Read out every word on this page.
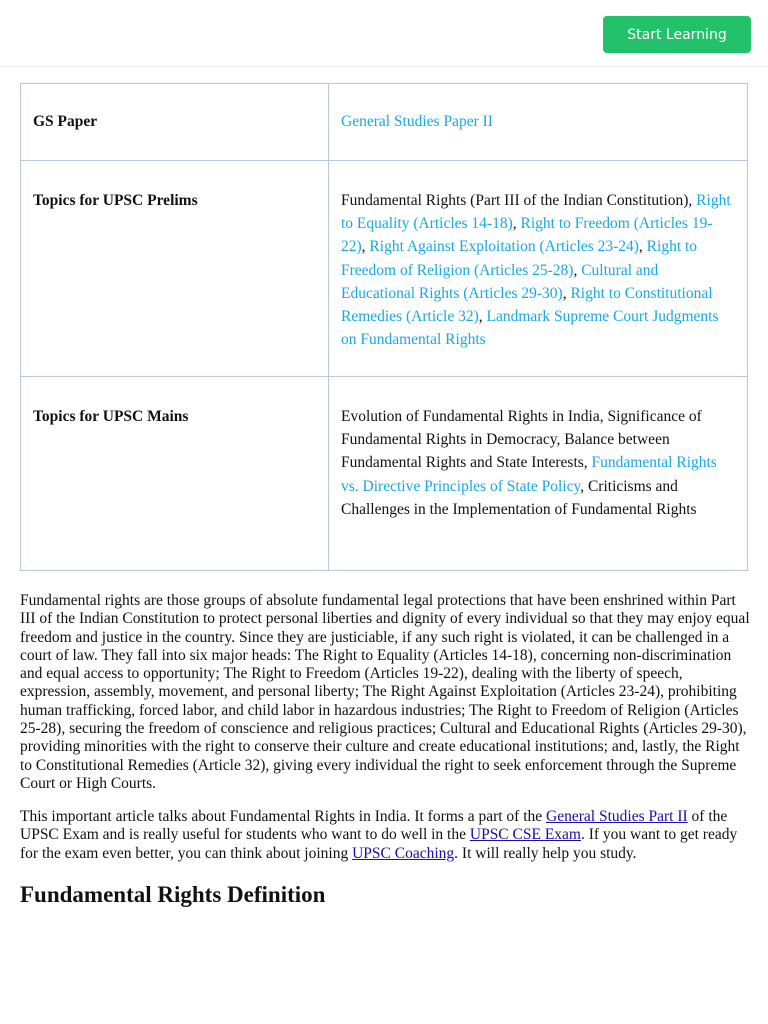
Start Learning
GS Paper	General Studies Paper II
Topics for UPSC Prelims	Fundamental Rights (Part III of the Indian Constitution), Right to Equality (Articles 14-18), Right to Freedom (Articles 19-22), Right Against Exploitation (Articles 23-24), Right to Freedom of Religion (Articles 25-28), Cultural and Educational Rights (Articles 29-30), Right to Constitutional Remedies (Article 32), Landmark Supreme Court Judgments on Fundamental Rights
Topics for UPSC Mains	Evolution of Fundamental Rights in India, Significance of Fundamental Rights in Democracy, Balance between Fundamental Rights and State Interests, Fundamental Rights vs. Directive Principles of State Policy, Criticisms and Challenges in the Implementation of Fundamental Rights

Fundamental rights are those groups of absolute fundamental legal protections that have been enshrined within Part III of the Indian Constitution to protect personal liberties and dignity of every individual so that they may enjoy equal freedom and justice in the country. Since they are justiciable, if any such right is violated, it can be challenged in a court of law. They fall into six major heads: The Right to Equality (Articles 14-18), concerning non-discrimination and equal access to opportunity; The Right to Freedom (Articles 19-22), dealing with the liberty of speech, expression, assembly, movement, and personal liberty; The Right Against Exploitation (Articles 23-24), prohibiting human trafficking, forced labor, and child labor in hazardous industries; The Right to Freedom of Religion (Articles 25-28), securing the freedom of conscience and religious practices; Cultural and Educational Rights (Articles 29-30), providing minorities with the right to conserve their culture and create educational institutions; and, lastly, the Right to Constitutional Remedies (Article 32), giving every individual the right to seek enforcement through the Supreme Court or High Courts.

This important article talks about Fundamental Rights in India. It forms a part of the General Studies Part II of the UPSC Exam and is really useful for students who want to do well in the UPSC CSE Exam. If you want to get ready for the exam even better, you can think about joining UPSC Coaching. It will really help you study.

Fundamental Rights Definition
